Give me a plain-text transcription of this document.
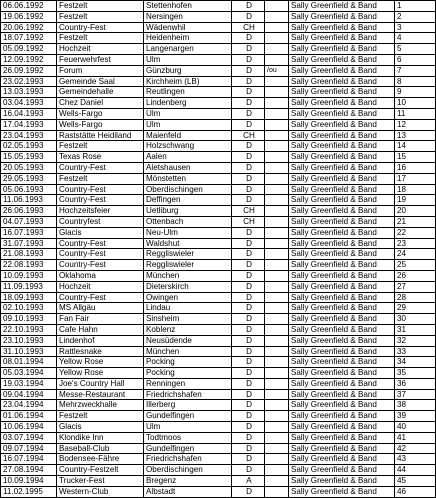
06.06.1992	Festzelt	Stettenhofen	D		Sally Greenfield & Band	1
19.06.1992	Festzelt	Nersingen	D		Sally Greenfield & Band	2
20.06.1992	Country-Fest	Wädenwhil	CH		Sally Greenfield & Band	3
18.07.1992	Festzelt	Heidenheim	D		Sally Greenfield & Band	4
05.09.1992	Hochzeit	Langenargen	D		Sally Greenfield & Band	5
12.09.1992	Feuerwehrfest	Ulm	D		Sally Greenfield & Band	6
26.09.1992	Forum	Günzburg	D	/ou	Sally Greenfield & Band	7
23.02.1993	Gemeinde Saal	Kirchheim (LB)	D		Sally Greenfield & Band	8
13.03.1993	Gemeindehalle	Reutlingen	D		Sally Greenfield & Band	9
03.04.1993	Chez Daniel	Lindenberg	D		Sally Greenfield & Band	10
16.04.1993	Wells-Fargo	Ulm	D		Sally Greenfield & Band	11
17.04.1993	Wells-Fargo	Ulm	D		Sally Greenfield & Band	12
23.04.1993	Raststätte Heidiland	Maienfeld	CH		Sally Greenfield & Band	13
02.05.1993	Festzelt	Holzschwang	D		Sally Greenfield & Band	14
15.05.1993	Texas Rose	Aalen	D		Sally Greenfield & Band	15
20.05.1993	Country-Fest	Aletshausen	D		Sally Greenfield & Band	16
29.05.1993	Festzelt	Mönstetten	D		Sally Greenfield & Band	17
05.06.1993	Country-Fest	Oberdischingen	D		Sally Greenfield & Band	18
11.06.1993	Country-Fest	Deffingen	D		Sally Greenfield & Band	19
26.06.1993	Hochzeitsfeier	Uetliburg	CH		Sally Greenfield & Band	20
04.07.1993	Countryfest	Ottenbach	CH		Sally Greenfield & Band	21
16.07.1993	Glacis	Neu-Ulm	D		Sally Greenfield & Band	22
31.07.1993	Country-Fest	Waldshut	D		Sally Greenfield & Band	23
21.08.1993	Country-Fest	Reggliswieler	D		Sally Greenfield & Band	24
22.08.1993	Country-Fest	Reggliswieler	D		Sally Greenfield & Band	25
10.09.1993	Oklahoma	München	D		Sally Greenfield & Band	26
11.09.1993	Hochzeit	Dieterskirch	D		Sally Greenfield & Band	27
18.09.1993	Country-Fest	Owingen	D		Sally Greenfield & Band	28
02.10.1993	MS Allgäu	Lindau	D		Sally Greenfield & Band	29
09.10.1993	Fan Fair	Sinsheim	D		Sally Greenfield & Band	30
22.10.1993	Cafe Hahn	Koblenz	D		Sally Greenfield & Band	31
23.10.1993	Lindenhof	Neusüdende	D		Sally Greenfield & Band	32
31.10.1993	Rattlesnake	München	D		Sally Greenfield & Band	33
08.01.1994	Yellow Rose	Pocking	D		Sally Greenfield & Band	34
05.03.1994	Yellow Rose	Pocking	D		Sally Greenfield & Band	35
19.03.1994	Joe's Country Hall	Renningen	D		Sally Greenfield & Band	36
09.04.1994	Messe-Restaurant	Friedrichshafen	D		Sally Greenfield & Band	37
23.04.1994	Mehrzweckhalle	Illerberg	D		Sally Greenfield & Band	38
01.06.1994	Festzelt	Gundelfingen	D		Sally Greenfield & Band	39
10.06.1994	Glacis	Ulm	D		Sally Greenfield & Band	40
03.07.1994	Klondike Inn	Todtmoos	D		Sally Greenfield & Band	41
09.07.1994	Baseball-Club	Gundelfingen	D		Sally Greenfield & Band	42
16.07.1994	Bodensee-Fähre	Friedrichshafen	D		Sally Greenfield & Band	43
27.08.1994	Country-Festzelt	Oberdischingen	D		Sally Greenfield & Band	44
10.09.1994	Trucker-Fest	Bregenz	A		Sally Greenfield & Band	45
11.02.1995	Western-Club	Albstadt	D		Sally Greenfield & Band	46
